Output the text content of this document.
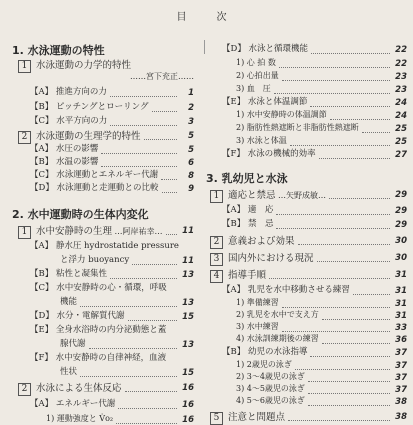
目　次
1. 水泳運動の特性
1 水泳運動の力学的特性
……宮下充正……
【A】 推進方向の力	1
【B】 ピッチングとローリング	2
【C】 水平方向の力	3
2 水泳運動の生理学的特性	5
【A】 水圧の影響	5
【B】 水温の影響	6
【C】 水泳運動とエネルギー代謝	8
【D】 水泳運動と走運動との比較	9
2. 水中運動時の生体内変化
1 水中安静時の生理 …阿岸祐幸… 11
【A】 静水圧 hydrostatide pressure
と浮力 buoyancy	11
【B】 粘性と凝集性	13
【C】 水中安静時の心・循環，呼吸
機能	13
【D】 水分・電解質代謝	15
【E】 全身水浴時の内分泌動態と蓋
腺代謝	13
【F】 水中安静時の自律神経，血液
性状	15
2 水泳による生体反応	16
【A】 エネルギー代謝	16
1) 運動強度と V̇o₂	16
【D】 水泳と循環機能	22
1) 心 拍 数	22
2) 心拍出量	23
3) 血　圧	23
【E】 水泳と体温調節	24
1) 水中安静時の体温調節	24
2) 脂肪性熱遮断と非脂肪性熱遮断	25
3) 水泳と体温	25
【F】 水泳の機械的効率	27
3. 乳幼児と水泳
1 適応と禁忌 …矢野成敏…	29
【A】 適　応	29
【B】 禁　忌	29
2 意義および効果	30
3 国内外における現況	30
4 指導手順	31
【A】 乳児を水中移動させる練習	31
1) 準備練習	31
2) 乳児を水中で支え方	31
3) 水中練習	33
4) 水泳訓練期後の練習	36
【B】 幼児の水泳指導	37
1) 2歳児の泳ぎ	37
2) 3～4歳児の泳ぎ	37
3) 4～5歳児の泳ぎ	37
4) 5～6歳児の泳ぎ	38
5 注意と問題点	38
